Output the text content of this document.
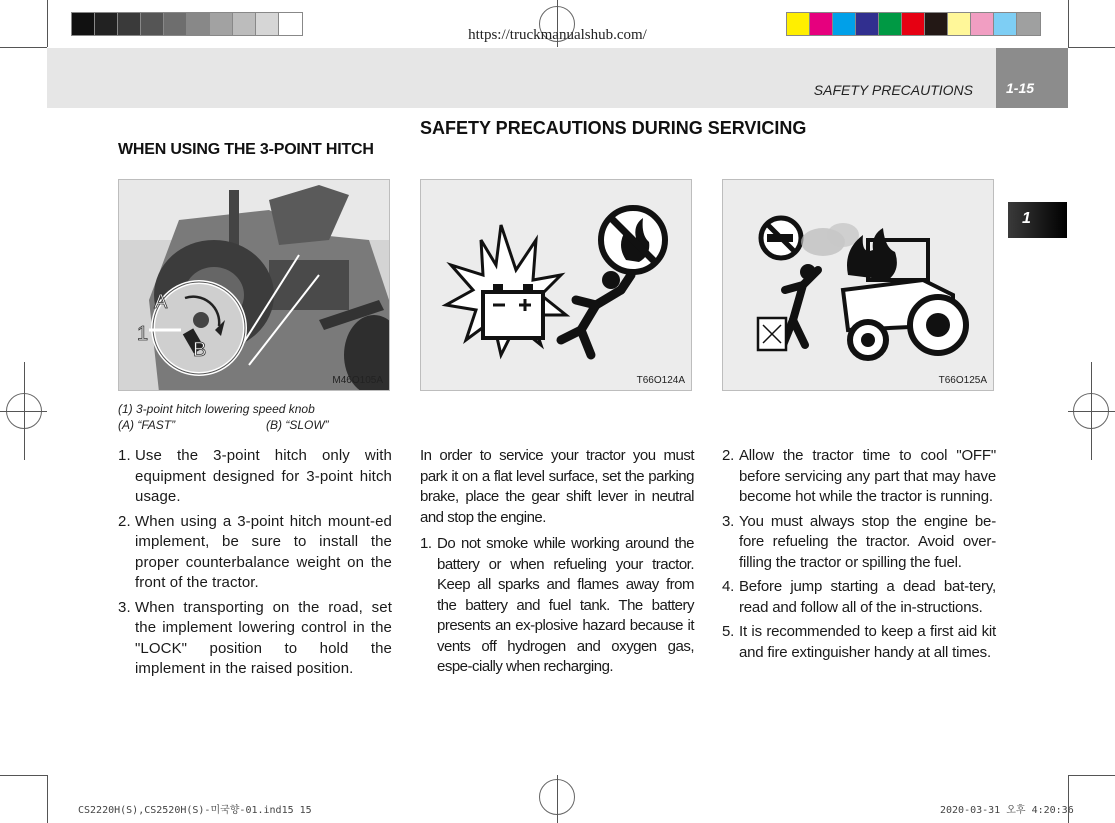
https://truckmanualshub.com/
SAFETY PRECAUTIONS 1-15
1
SAFETY PRECAUTIONS DURING SERVICING
WHEN USING THE 3-POINT HITCH
A
1
B
M46O105A	T66O124A	T66O125A
(1) 3-point hitch lowering speed knob
(A) “FAST”	(B) “SLOW”
1. Use the 3-point hitch only with equipment designed for 3-point hitch usage.
2. When using a 3-point hitch mount-ed implement, be sure to install the proper counterbalance weight on the front of the tractor.
3. When transporting on the road, set the implement lowering control in the "LOCK" position to hold the implement in the raised position.

In order to service your tractor you must park it on a flat level surface, set the parking brake, place the gear shift lever in neutral and stop the engine.

1. Do not smoke while working around the battery or when refueling your tractor. Keep all sparks and flames away from the battery and fuel tank. The battery presents an ex-plosive hazard because it vents off hydrogen and oxygen gas, espe-cially when recharging.
2. Allow the tractor time to cool "OFF" before servicing any part that may have become hot while the tractor is running.
3. You must always stop the engine be-fore refueling the tractor. Avoid over-filling the tractor or spilling the fuel.
4. Before jump starting a dead bat-tery, read and follow all of the in-structions.
5. It is recommended to keep a first aid kit and fire extinguisher handy at all times.
CS2220H(S),CS2520H(S)-미국향-01.ind15 15	2020-03-31 오후 4:20:36
